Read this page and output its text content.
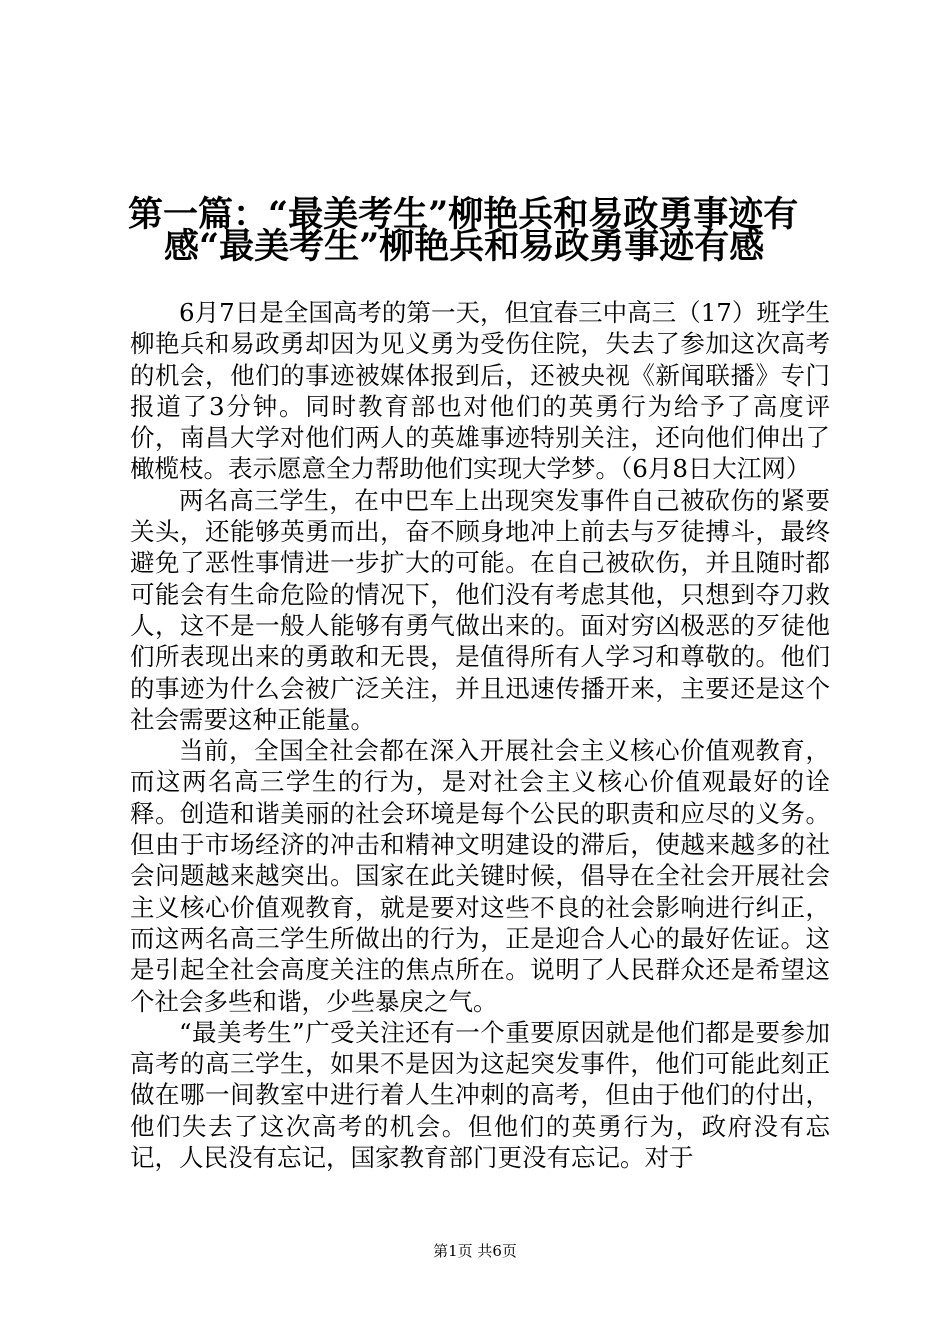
第一篇：“最美考生”柳艳兵和易政勇事迹有
感“最美考生”柳艳兵和易政勇事迹有感

6月7日是全国高考的第一天，但宜春三中高三（17）班学生柳艳兵和易政勇却因为见义勇为受伤住院，失去了参加这次高考的机会，他们的事迹被媒体报到后，还被央视《新闻联播》专门报道了3分钟。同时教育部也对他们的英勇行为给予了高度评价，南昌大学对他们两人的英雄事迹特别关注，还向他们伸出了橄榄枝。表示愿意全力帮助他们实现大学梦。（6月8日大江网）

两名高三学生，在中巴车上出现突发事件自己被砍伤的紧要关头，还能够英勇而出，奋不顾身地冲上前去与歹徒搏斗，最终避免了恶性事情进一步扩大的可能。在自己被砍伤，并且随时都可能会有生命危险的情况下，他们没有考虑其他，只想到夺刀救人，这不是一般人能够有勇气做出来的。面对穷凶极恶的歹徒他们所表现出来的勇敢和无畏，是值得所有人学习和尊敬的。他们的事迹为什么会被广泛关注，并且迅速传播开来，主要还是这个社会需要这种正能量。

当前，全国全社会都在深入开展社会主义核心价值观教育，而这两名高三学生的行为，是对社会主义核心价值观最好的诠释。创造和谐美丽的社会环境是每个公民的职责和应尽的义务。但由于市场经济的冲击和精神文明建设的滞后，使越来越多的社会问题越来越突出。国家在此关键时候，倡导在全社会开展社会主义核心价值观教育，就是要对这些不良的社会影响进行纠正，而这两名高三学生所做出的行为，正是迎合人心的最好佐证。这是引起全社会高度关注的焦点所在。说明了人民群众还是希望这个社会多些和谐，少些暴戾之气。

“最美考生”广受关注还有一个重要原因就是他们都是要参加高考的高三学生，如果不是因为这起突发事件，他们可能此刻正做在哪一间教室中进行着人生冲刺的高考，但由于他们的付出，他们失去了这次高考的机会。但他们的英勇行为，政府没有忘记，人民没有忘记，国家教育部门更没有忘记。对于

第1页 共6页
